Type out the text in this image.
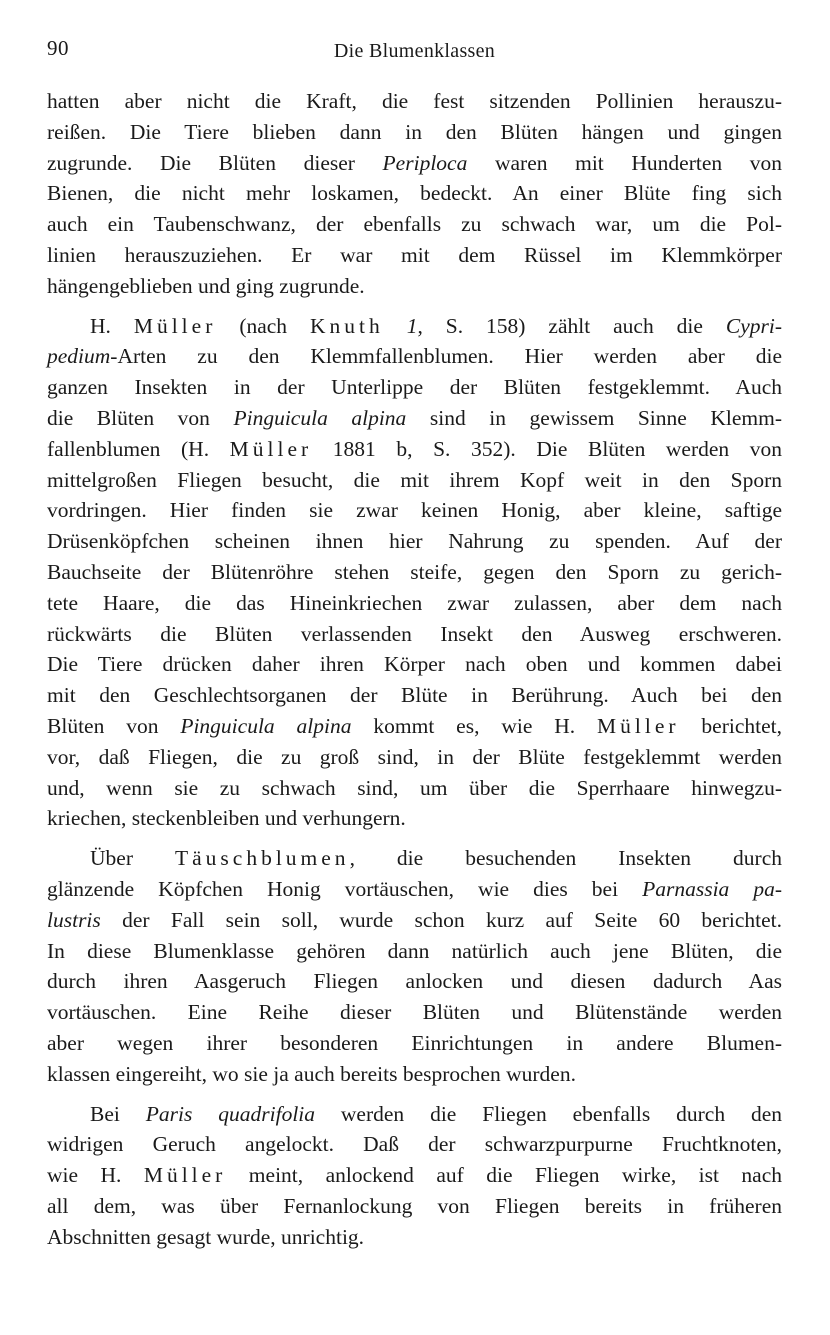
90	Die Blumenklassen
hatten aber nicht die Kraft, die fest sitzenden Pollinien herauszu-
reißen. Die Tiere blieben dann in den Blüten hängen und gingen
zugrunde. Die Blüten dieser Periploca waren mit Hunderten von
Bienen, die nicht mehr loskamen, bedeckt. An einer Blüte fing sich
auch ein Taubenschwanz, der ebenfalls zu schwach war, um die Pol-
linien herauszuziehen. Er war mit dem Rüssel im Klemmkörper
hängengeblieben und ging zugrunde.
H. Müller (nach Knuth 1, S. 158) zählt auch die Cypri-
pedium-Arten zu den Klemmfallenblumen. Hier werden aber die
ganzen Insekten in der Unterlippe der Blüten festgeklemmt. Auch
die Blüten von Pinguicula alpina sind in gewissem Sinne Klemm-
fallenblumen (H. Müller 1881 b, S. 352). Die Blüten werden von
mittelgroßen Fliegen besucht, die mit ihrem Kopf weit in den Sporn
vordringen. Hier finden sie zwar keinen Honig, aber kleine, saftige
Drüsenköpfchen scheinen ihnen hier Nahrung zu spenden. Auf der
Bauchseite der Blütenröhre stehen steife, gegen den Sporn zu gerich-
tete Haare, die das Hineinkriechen zwar zulassen, aber dem nach
rückwärts die Blüten verlassenden Insekt den Ausweg erschweren.
Die Tiere drücken daher ihren Körper nach oben und kommen dabei
mit den Geschlechtsorganen der Blüte in Berührung. Auch bei den
Blüten von Pinguicula alpina kommt es, wie H. Müller berichtet,
vor, daß Fliegen, die zu groß sind, in der Blüte festgeklemmt werden
und, wenn sie zu schwach sind, um über die Sperrhaare hinwegzu-
kriechen, steckenbleiben und verhungern.
Über Täuschblumen, die besuchenden Insekten durch
glänzende Köpfchen Honig vortäuschen, wie dies bei Parnassia pa-
lustris der Fall sein soll, wurde schon kurz auf Seite 60 berichtet.
In diese Blumenklasse gehören dann natürlich auch jene Blüten, die
durch ihren Aasgeruch Fliegen anlocken und diesen dadurch Aas
vortäuschen. Eine Reihe dieser Blüten und Blütenstände werden
aber wegen ihrer besonderen Einrichtungen in andere Blumen-
klassen eingereiht, wo sie ja auch bereits besprochen wurden.
Bei Paris quadrifolia werden die Fliegen ebenfalls durch den
widrigen Geruch angelockt. Daß der schwarzpurpurne Fruchtknoten,
wie H. Müller meint, anlockend auf die Fliegen wirke, ist nach
all dem, was über Fernanlockung von Fliegen bereits in früheren
Abschnitten gesagt wurde, unrichtig.
